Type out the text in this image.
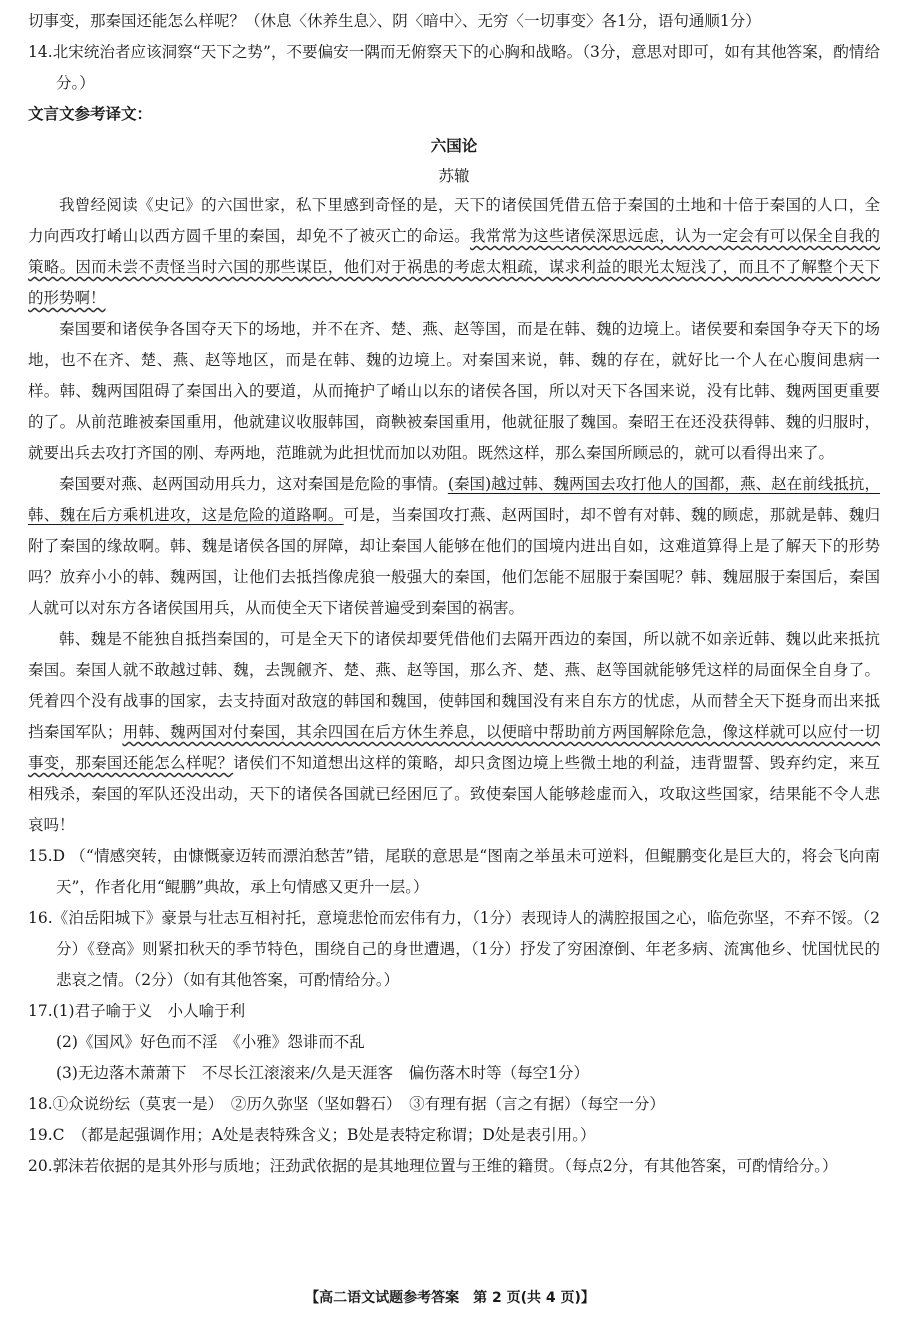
切事变，那秦国还能怎么样呢？（休息〈休养生息〉、阴〈暗中〉、无穷〈一切事变〉各1分，语句通顺1分）

14.北宋统治者应该洞察“天下之势”，不要偏安一隅而无俯察天下的心胸和战略。（3分，意思对即可，如有其他答案，酌情给分。）

文言文参考译文：

六国论

苏辙

我曾经阅读《史记》的六国世家，私下里感到奇怪的是，天下的诸侯国凭借五倍于秦国的土地和十倍于秦国的人口，全力向西攻打崤山以西方圆千里的秦国，却免不了被灭亡的命运。我常常为这些诸侯深思远虑，认为一定会有可以保全自我的策略。因而未尝不责怪当时六国的那些谋臣，他们对于祸患的考虑太粗疏，谋求利益的眼光太短浅了，而且不了解整个天下的形势啊！

秦国要和诸侯争各国夺天下的场地，并不在齐、楚、燕、赵等国，而是在韩、魏的边境上。诸侯要和秦国争夺天下的场地，也不在齐、楚、燕、赵等地区，而是在韩、魏的边境上。对秦国来说，韩、魏的存在，就好比一个人在心腹间患病一样。韩、魏两国阻碍了秦国出入的要道，从而掩护了崤山以东的诸侯各国，所以对天下各国来说，没有比韩、魏两国更重要的了。从前范雎被秦国重用，他就建议收服韩国，商鞅被秦国重用，他就征服了魏国。秦昭王在还没获得韩、魏的归服时，就要出兵去攻打齐国的刚、寿两地，范雎就为此担忧而加以劝阻。既然这样，那么秦国所顾忌的，就可以看得出来了。

秦国要对燕、赵两国动用兵力，这对秦国是危险的事情。(秦国)越过韩、魏两国去攻打他人的国都，燕、赵在前线抵抗，韩、魏在后方乘机进攻，这是危险的道路啊。可是，当秦国攻打燕、赵两国时，却不曾有对韩、魏的顾虑，那就是韩、魏归附了秦国的缘故啊。韩、魏是诸侯各国的屏障，却让秦国人能够在他们的国境内进出自如，这难道算得上是了解天下的形势吗？放弃小小的韩、魏两国，让他们去抵挡像虎狼一般强大的秦国，他们怎能不屈服于秦国呢？韩、魏屈服于秦国后，秦国人就可以对东方各诸侯国用兵，从而使全天下诸侯普遍受到秦国的祸害。

韩、魏是不能独自抵挡秦国的，可是全天下的诸侯却要凭借他们去隔开西边的秦国，所以就不如亲近韩、魏以此来抵抗秦国。秦国人就不敢越过韩、魏，去觊觎齐、楚、燕、赵等国，那么齐、楚、燕、赵等国就能够凭这样的局面保全自身了。凭着四个没有战事的国家，去支持面对敌寇的韩国和魏国，使韩国和魏国没有来自东方的忧虑，从而替全天下挺身而出来抵挡秦国军队；用韩、魏两国对付秦国，其余四国在后方休生养息，以便暗中帮助前方两国解除危急，像这样就可以应付一切事变，那秦国还能怎么样呢？诸侯们不知道想出这样的策略，却只贪图边境上些微土地的利益，违背盟誓、毁弃约定，来互相残杀，秦国的军队还没出动，天下的诸侯各国就已经困厄了。致使秦国人能够趁虚而入，攻取这些国家，结果能不令人悲哀吗！

15.D （“情感突转，由慷慨豪迈转而漂泊愁苦”错，尾联的意思是“图南之举虽未可逆料，但鲲鹏变化是巨大的，将会飞向南天”，作者化用“鲲鹏”典故，承上句情感又更升一层。）

16.《泊岳阳城下》豪景与壮志互相衬托，意境悲怆而宏伟有力，（1分）表现诗人的满腔报国之心，临危弥坚，不弃不馁。（2分）《登高》则紧扣秋天的季节特色，围绕自己的身世遭遇，（1分）抒发了穷困潦倒、年老多病、流寓他乡、忧国忧民的悲哀之情。（2分）（如有其他答案，可酌情给分。）

17.(1)君子喻于义　小人喻于利

(2)《国风》好色而不淫　《小雅》怨诽而不乱

(3)无边落木萧萧下　不尽长江滚滚来/久是天涯客　偏伤落木时等（每空1分）

18.①众说纷纭（莫衷一是）　②历久弥坚（坚如磐石）　③有理有据（言之有据）（每空一分）

19.C　（都是起强调作用；A处是表特殊含义；B处是表特定称谓；D处是表引用。）

20.郭沫若依据的是其外形与质地；汪劲武依据的是其地理位置与王维的籍贯。（每点2分，有其他答案，可酌情给分。）

【高二语文试题参考答案　第 2 页(共 4 页)】
